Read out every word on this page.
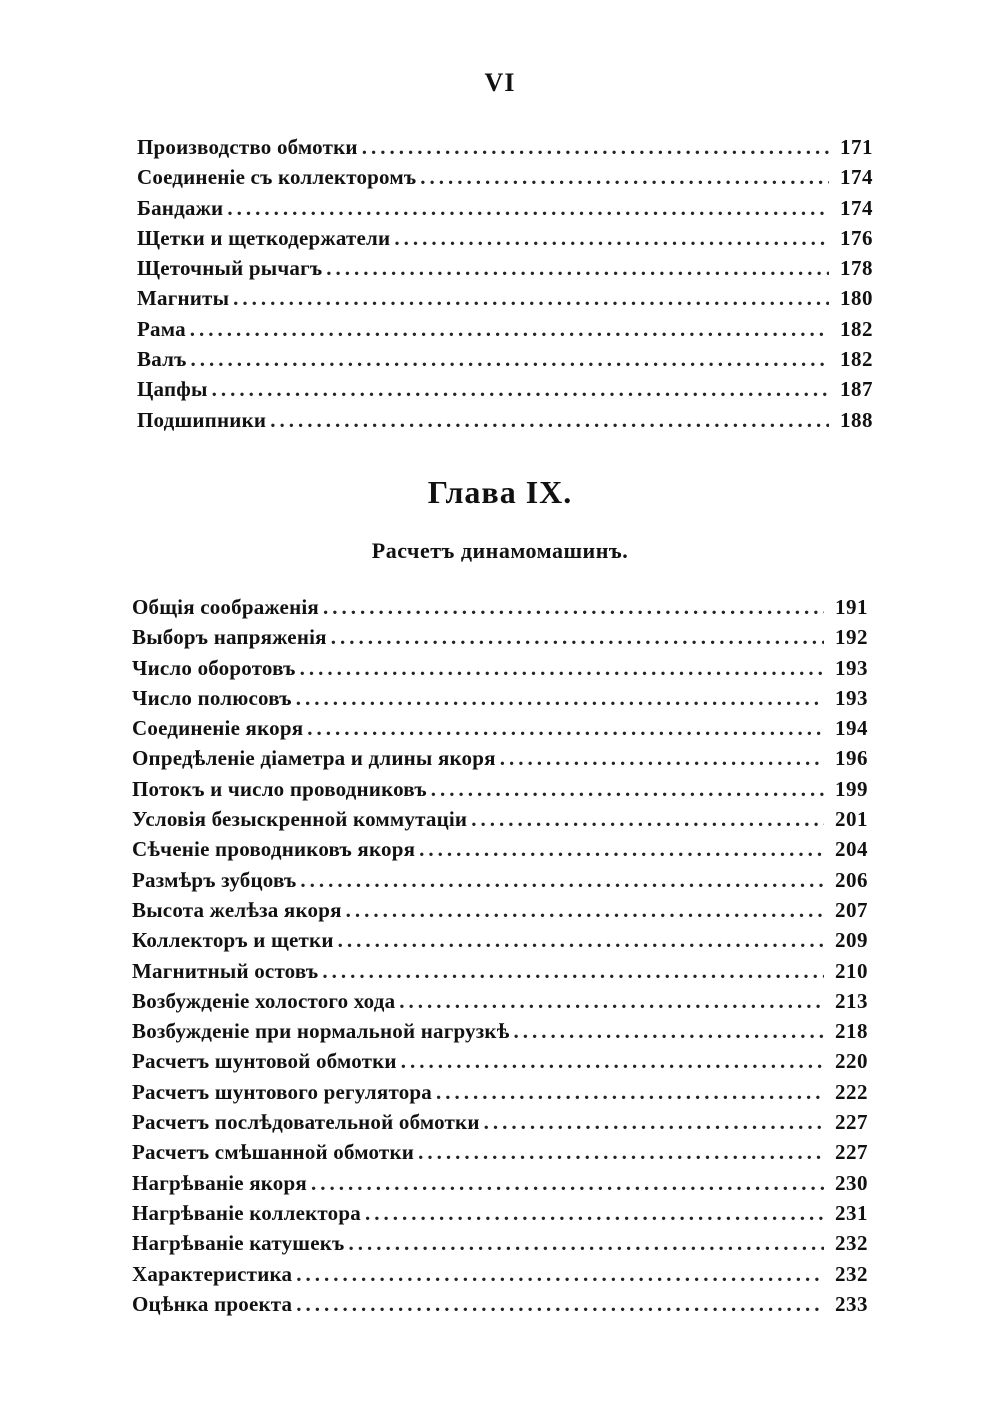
VI
Производство обмотки .....	171
Соединеніе съ коллекторомъ .....	174
Бандажи .....	174
Щетки и щеткодержатели .....	176
Щеточный рычагъ .....	178
Магниты .....	180
Рама .....	182
Валъ .....	182
Цапфы .....	187
Подшипники .....	188
Глава IX.
Расчетъ динамомашинъ.
Общія соображенія .....	191
Выборъ напряженія .....	192
Число оборотовъ .....	193
Число полюсовъ .....	193
Соединеніе якоря .....	194
Опредѣленіе діаметра и длины якоря .....	196
Потокъ и число проводниковъ .....	199
Условія безыскренной коммутаціи .....	201
Сѣченіе проводниковъ якоря .....	204
Размѣръ зубцовъ .....	206
Высота желѣза якоря .....	207
Коллекторъ и щетки .....	209
Магнитный остовъ .....	210
Возбужденіе холостого хода .....	213
Возбужденіе при нормальной нагрузкѣ .....	218
Расчетъ шунтовой обмотки .....	220
Расчетъ шунтового регулятора .....	222
Расчетъ послѣдовательной обмотки .....	227
Расчетъ смѣшанной обмотки .....	227
Нагрѣваніе якоря .....	230
Нагрѣваніе коллектора .....	231
Нагрѣваніе катушекъ .....	232
Характеристика .....	232
Оцѣнка проекта .....	233
